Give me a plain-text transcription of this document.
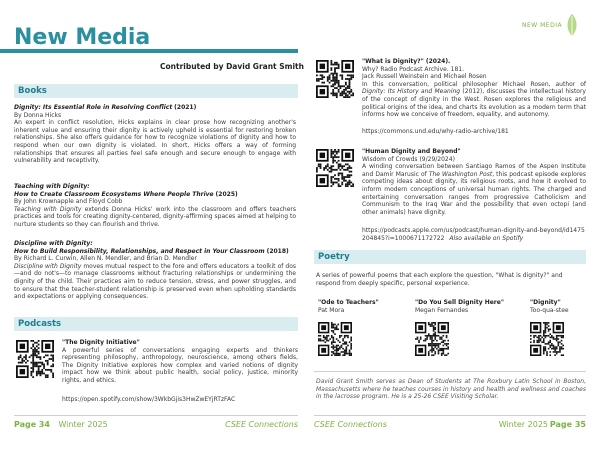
New Media
Contributed by David Grant Smith
Books
Dignity: Its Essential Role in Resolving Conflict (2021)
By Donna Hicks
An expert in conflict resolution, Hicks explains in clear prose how recognizing another's inherent value and ensuring their dignity is actively upheld is essential for restoring broken relationships. She also offers guidance for how to recognize violations of dignity and how to respond when our own dignity is violated. In short, Hicks offers a way of forming relationships that ensures all parties feel safe enough and secure enough to engage with vulnerability and receptivity.
Teaching with Dignity:
How to Create Classroom Ecosystems Where People Thrive (2025)
By John Krownapple and Floyd Cobb
Teaching with Dignity extends Donna Hicks' work into the classroom and offers teachers practices and tools for creating dignity-centered, dignity-affirming spaces aimed at helping to nurture students so they can flourish and thrive.
Discipline with Dignity:
How to Build Responsibility, Relationships, and Respect in Your Classroom (2018)
By Richard L. Curwin, Allen N. Mendler, and Brian D. Mendler
Discipline with Dignity moves mutual respect to the fore and offers educators a toolkit of dos—and do not's—to manage classrooms without fracturing relationships or undermining the dignity of the child. Their practices aim to reduce tension, stress, and power struggles, and to ensure that the teacher-student relationship is preserved even when upholding standards and expectations or applying consequences.
Podcasts
"The Dignity Initiative"
A powerful series of conversations engaging experts and thinkers representing philosophy, anthropology, neuroscience, among others fields, The Dignity Initiative explores how complex and varied notions of dignity impact how we think about public health, social policy, justice, minority rights, and ethics.
https://open.spotify.com/show/3WkbGjis3HwZwEYjRTzFAC
Page 34 Winter 2025	CSEE Connections
NEW MEDIA
"What is Dignity?" (2024).
Why? Radio Podcast Archive. 181.
Jack Russell Weinstein and Michael Rosen
In this conversation, political philosopher Michael Rosen, author of Dignity: Its History and Meaning (2012), discusses the intellectual history of the concept of dignity in the West. Rosen explores the religious and political origins of the idea, and charts its evolution as a modern term that informs how we conceive of freedom, equality, and autonomy.
https://commons.und.edu/why-radio-archive/181
"Human Dignity and Beyond"
Wisdom of Crowds (9/29/2024)
A winding conversation between Santiago Ramos of the Aspen Institute and Damir Marusic of The Washington Post, this podcast episode explores competing ideas about dignity, its religious roots, and how it evolved to inform modern conceptions of universal human rights. The charged and entertaining conversation ranges from progressive Catholicism and Communism to the Iraq War and the possibility that even octopi (and other animals) have dignity.
https://podcasts.apple.com/us/podcast/human-dignity-and-beyond/id1475204845?i=1000671172722 Also available on Spotify
Poetry
A series of powerful poems that each explore the question, "What is dignity?" and respond from deeply specific, personal experience.
"Ode to Teachers"
Pat Mora
"Do You Sell Dignity Here"
Megan Fernandes
"Dignity"
Too-qua-stee
David Grant Smith serves as Dean of Students at The Roxbury Latin School in Boston, Massachusetts where he teaches courses in history and health and wellness and coaches in the lacrosse program. He is a 25-26 CSEE Visiting Scholar.
CSEE Connections	Winter 2025 Page 35
